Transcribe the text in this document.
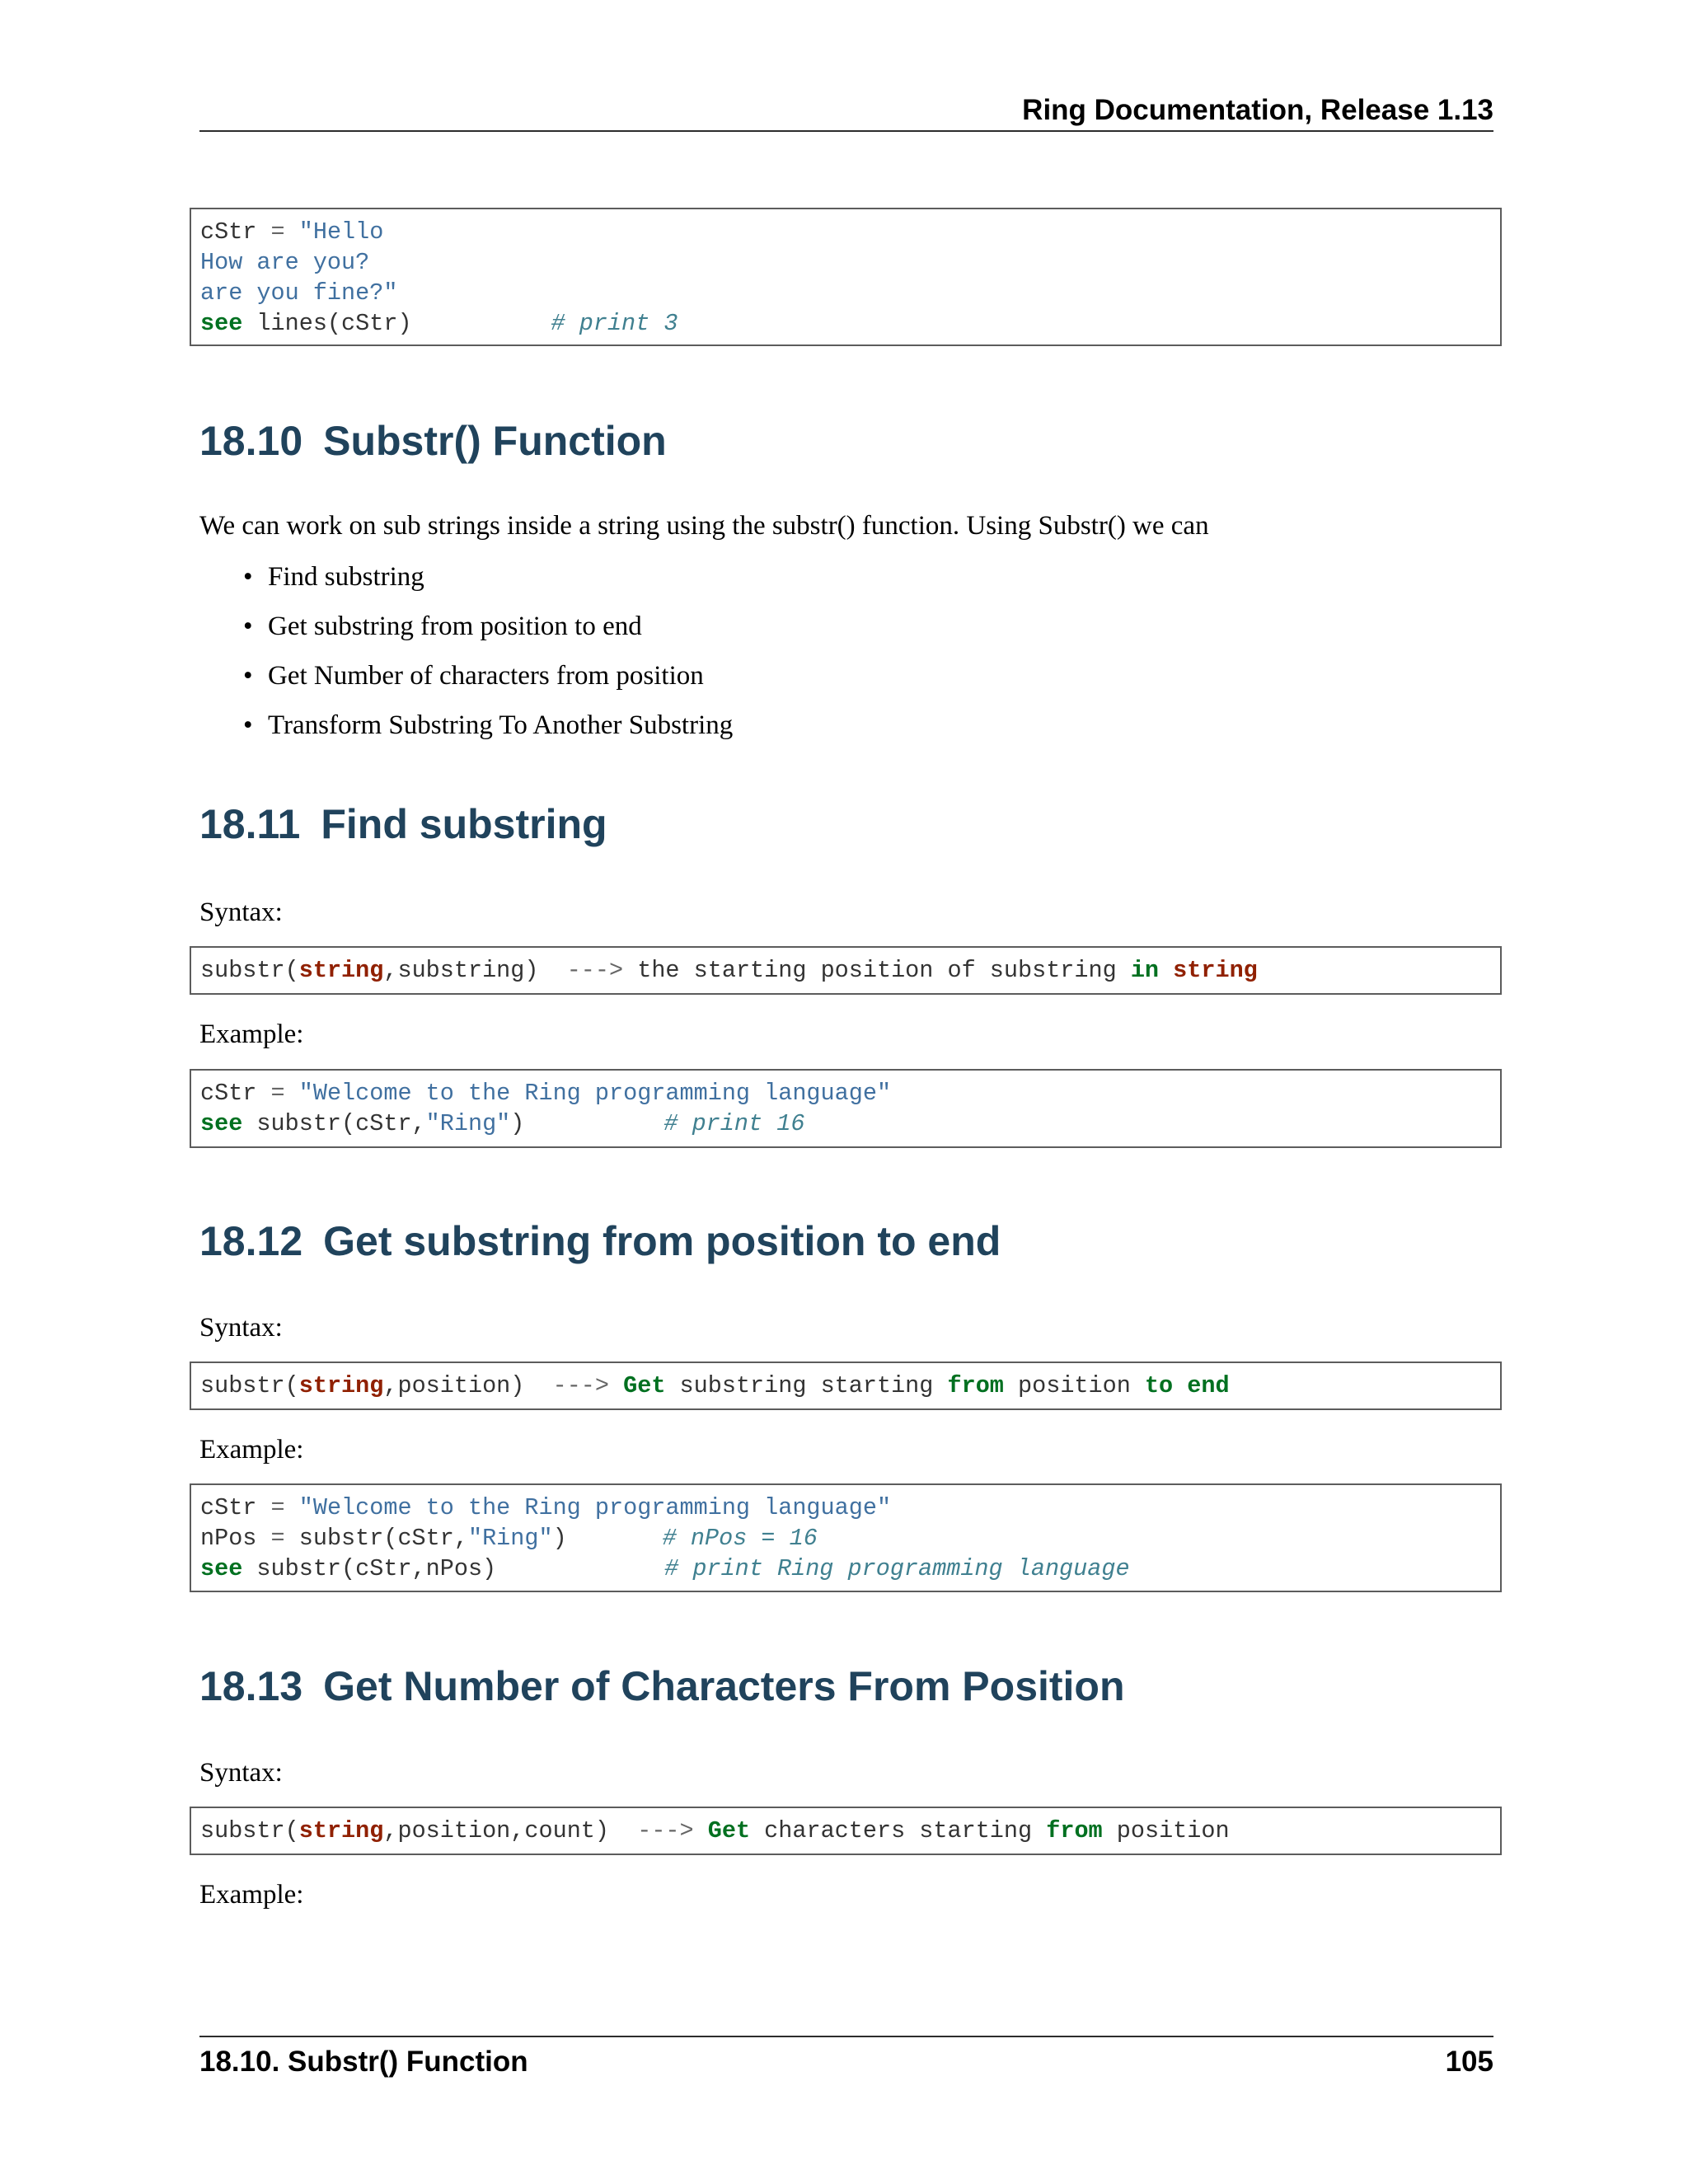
Ring Documentation, Release 1.13
cStr = "Hello
How are you?
are you fine?"
see lines(cStr)	# print 3
18.10 Substr() Function
We can work on sub strings inside a string using the substr() function. Using Substr() we can
• Find substring
• Get substring from position to end
• Get Number of characters from position
• Transform Substring To Another Substring
18.11 Find substring
Syntax:
substr(string,substring)  ---> the starting position of substring in string
Example:
cStr = "Welcome to the Ring programming language"
see substr(cStr,"Ring")	# print 16
18.12 Get substring from position to end
Syntax:
substr(string,position)  ---> Get substring starting from position to end
Example:
cStr = "Welcome to the Ring programming language"
nPos = substr(cStr,"Ring")	# nPos = 16
see substr(cStr,nPos)	# print Ring programming language
18.13 Get Number of Characters From Position
Syntax:
substr(string,position,count)  ---> Get characters starting from position
Example:
18.10. Substr() Function	105
